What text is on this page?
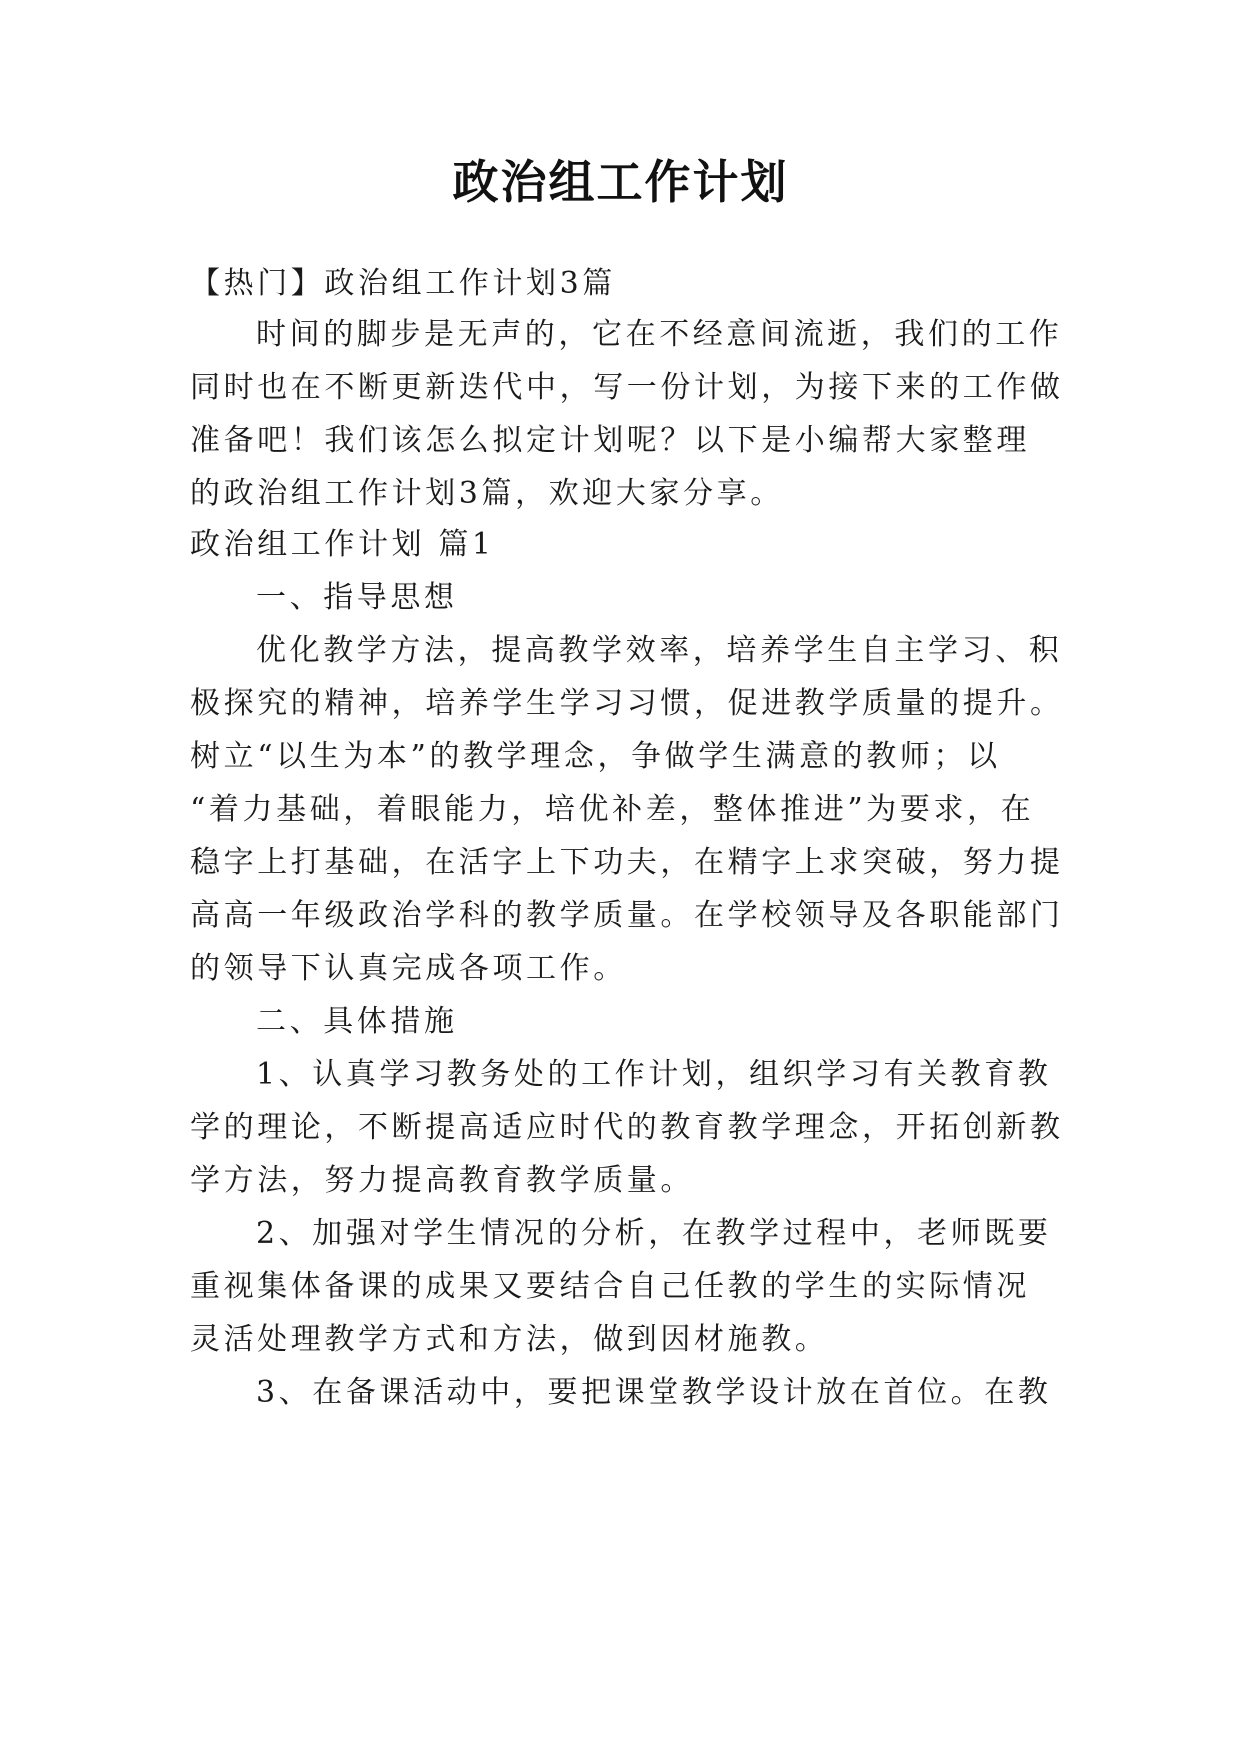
政治组工作计划
【热门】政治组工作计划3篇
时间的脚步是无声的，它在不经意间流逝，我们的工作
同时也在不断更新迭代中，写一份计划，为接下来的工作做
准备吧！我们该怎么拟定计划呢？以下是小编帮大家整理
的政治组工作计划3篇，欢迎大家分享。
政治组工作计划 篇1
一、指导思想
优化教学方法，提高教学效率，培养学生自主学习、积
极探究的精神，培养学生学习习惯，促进教学质量的提升。
树立“以生为本”的教学理念，争做学生满意的教师；以
“着力基础，着眼能力，培优补差，整体推进”为要求，在
稳字上打基础，在活字上下功夫，在精字上求突破，努力提
高高一年级政治学科的教学质量。在学校领导及各职能部门
的领导下认真完成各项工作。
二、具体措施
1、认真学习教务处的工作计划，组织学习有关教育教
学的理论，不断提高适应时代的教育教学理念，开拓创新教
学方法，努力提高教育教学质量。
2、加强对学生情况的分析，在教学过程中，老师既要
重视集体备课的成果又要结合自己任教的学生的实际情况
灵活处理教学方式和方法，做到因材施教。
3、在备课活动中，要把课堂教学设计放在首位。在教
